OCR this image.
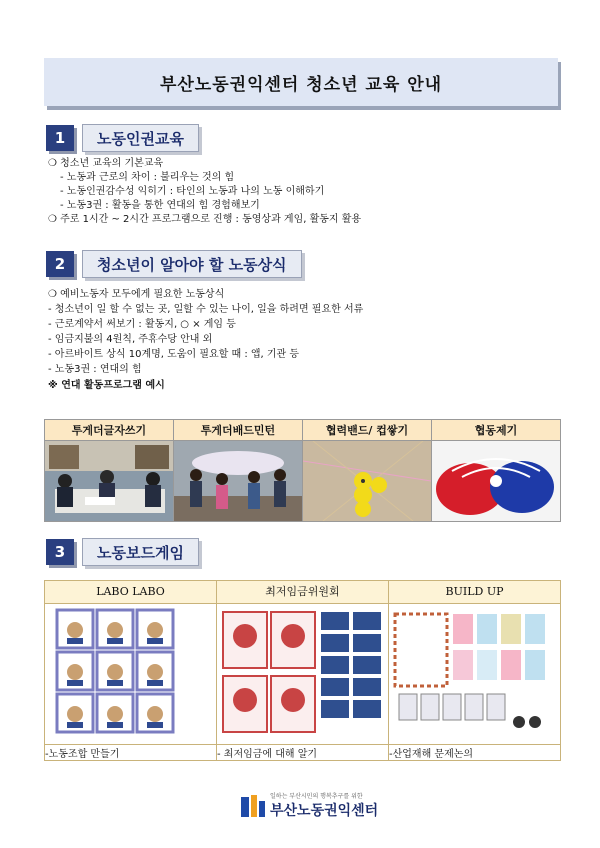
부산노동권익센터 청소년 교육 안내
1	노동인권교육
❍ 청소년 교육의 기본교육
- 노동과 근로의 차이 : 불리우는 것의 힘
- 노동인권감수성 익히기 : 타인의 노동과 나의 노동 이해하기
- 노동3권 : 활동을 통한 연대의 힘 경험해보기
❍ 주로 1시간 ~ 2시간 프로그램으로 진행 : 동영상과 게임, 활동지 활용
2	청소년이 알아야 할 노동상식
❍ 예비노동자 모두에게 필요한 노동상식
- 청소년이 일 할 수 없는 곳, 일할 수 있는 나이, 일을 하려면 필요한 서류
- 근로계약서 써보기 : 활동지, ○ × 게임 등
- 임금지불의 4원칙, 주휴수당 안내 외
- 아르바이트 상식 10계명, 도움이 필요할 때 : 앱, 기관 등
- 노동3권 : 연대의 힘
※ 연대 활동프로그램 예시
투게더글자쓰기	투게더배드민턴	협력밴드/ 컵쌓기	협동제기

3	노동보드게임
LABO LABO	최저임금위원회	BUILD UP

-노동조합 만들기	- 최저임금에 대해 알기	-산업재해 문제논의
일하는 부산시민의 행복추구를 위한
부산노동권익센터
